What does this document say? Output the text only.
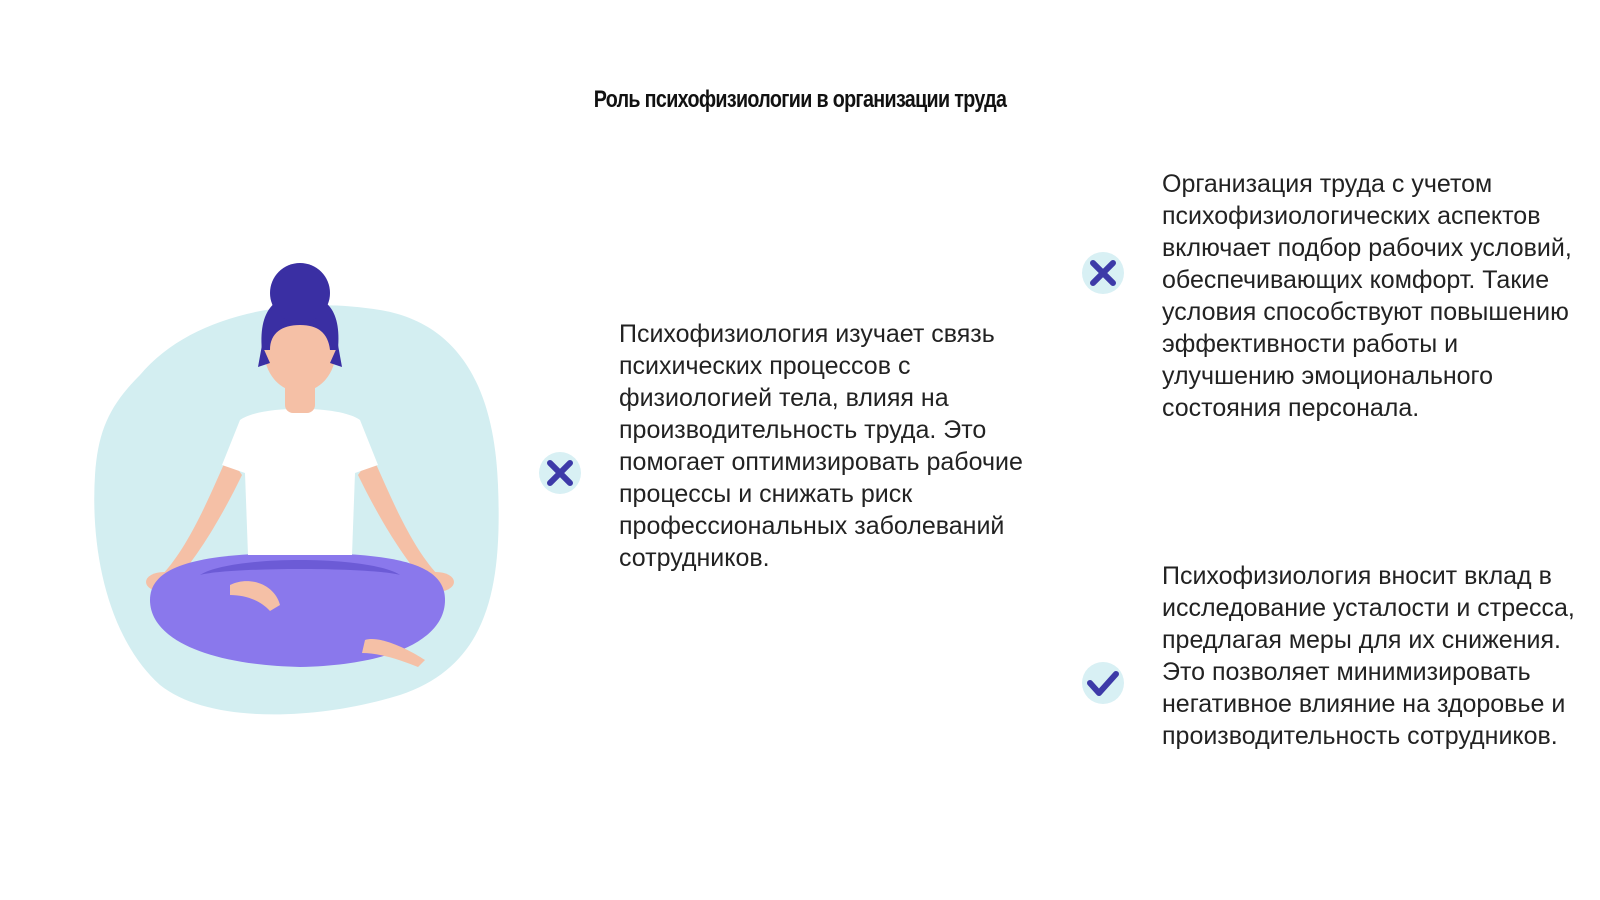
Роль психофизиологии в организации труда
Психофизиология изучает связь психических процессов с физиологией тела, влияя на производительность труда. Это помогает оптимизировать рабочие процессы и снижать риск профессиональных заболеваний сотрудников.
Организация труда с учетом психофизиологических аспектов включает подбор рабочих условий, обеспечивающих комфорт. Такие условия способствуют повышению эффективности работы и улучшению эмоционального состояния персонала.
Психофизиология вносит вклад в исследование усталости и стресса, предлагая меры для их снижения. Это позволяет минимизировать негативное влияние на здоровье и производительность сотрудников.
